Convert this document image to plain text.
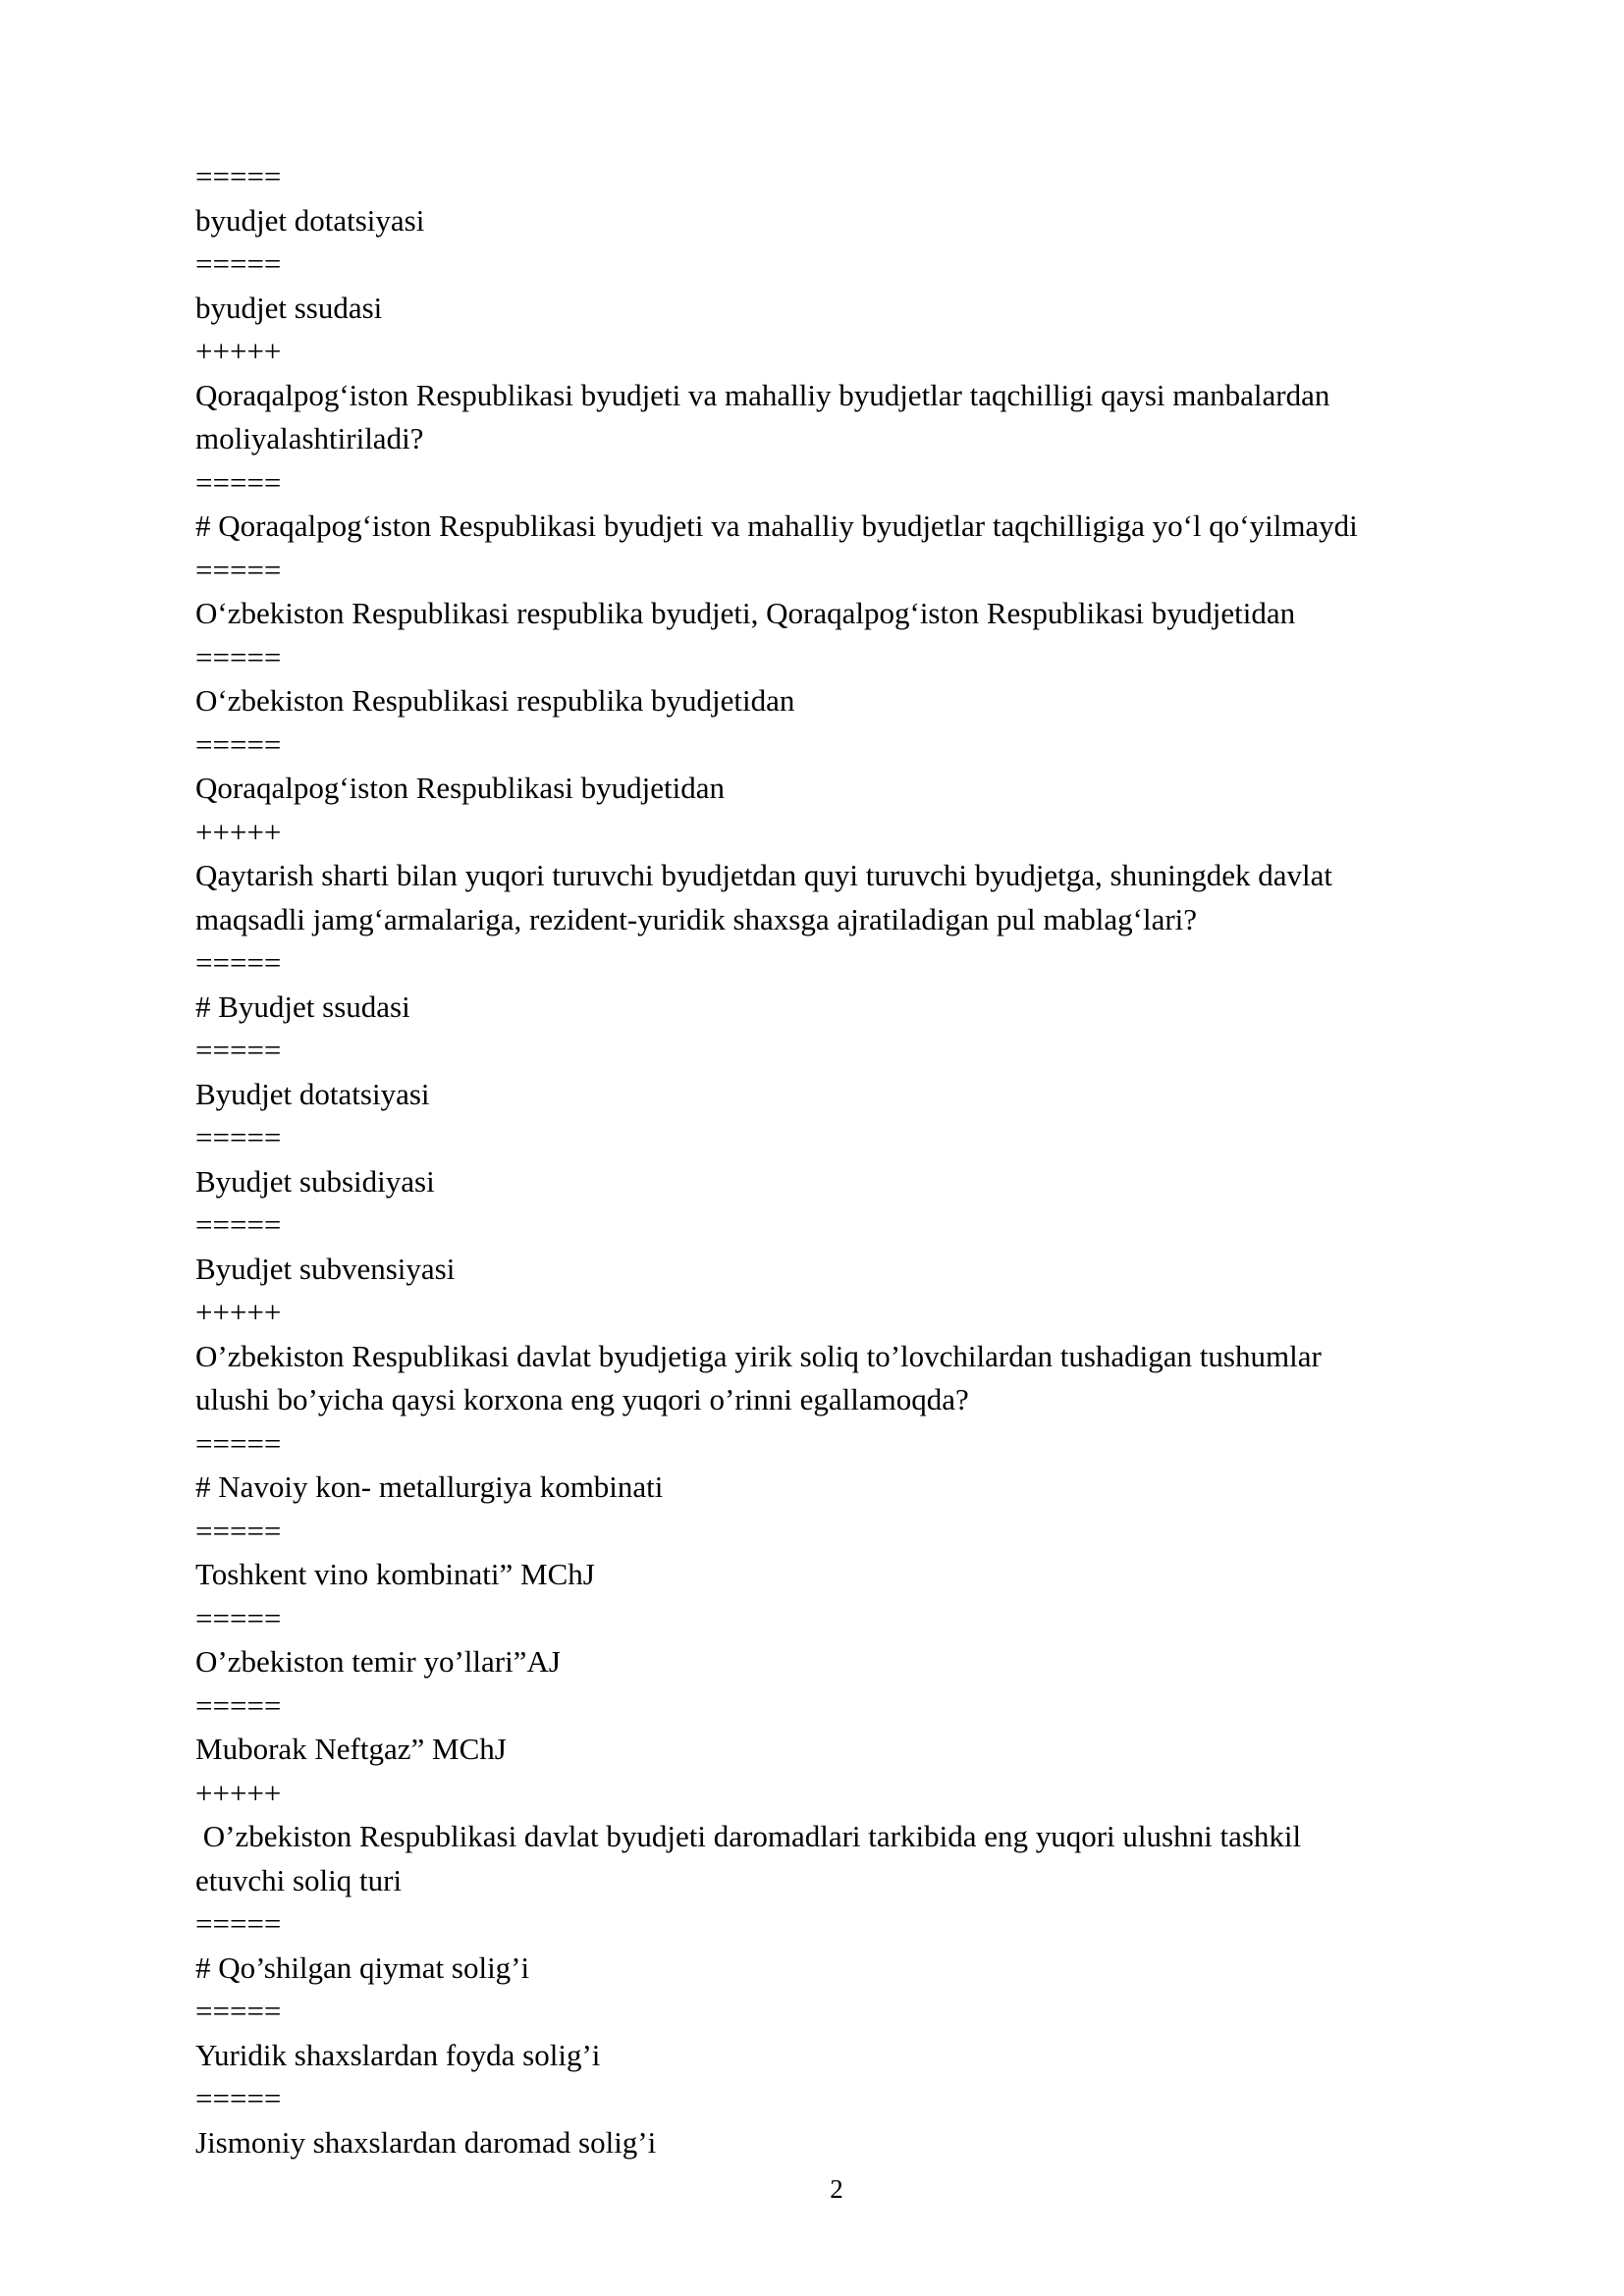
=====
byudjet dotatsiyasi
=====
byudjet ssudasi
+++++
Qoraqalpog‘iston Respublikasi byudjeti va mahalliy byudjetlar taqchilligi qaysi manbalardan
moliyalashtiriladi?
=====
# Qoraqalpog‘iston Respublikasi byudjeti va mahalliy byudjetlar taqchilligiga yo‘l qo‘yilmaydi
=====
O‘zbekiston Respublikasi respublika byudjeti, Qoraqalpog‘iston Respublikasi byudjetidan
=====
O‘zbekiston Respublikasi respublika byudjetidan
=====
Qoraqalpog‘iston Respublikasi byudjetidan
+++++
Qaytarish sharti bilan yuqori turuvchi byudjetdan quyi turuvchi byudjetga, shuningdek davlat
maqsadli jamg‘armalariga, rezident-yuridik shaxsga ajratiladigan pul mablag‘lari?
=====
# Byudjet ssudasi
=====
Byudjet dotatsiyasi
=====
Byudjet subsidiyasi
=====
Byudjet subvensiyasi
+++++
O’zbekiston Respublikasi davlat byudjetiga yirik soliq to’lovchilardan tushadigan tushumlar
ulushi bo’yicha qaysi korxona eng yuqori o’rinni egallamoqda?
=====
# Navoiy kon- metallurgiya kombinati
=====
Toshkent vino kombinati” MChJ
=====
O’zbekiston temir yo’llari”AJ
=====
Muborak Neftgaz” MChJ
+++++
O’zbekiston Respublikasi davlat byudjeti daromadlari tarkibida eng yuqori ulushni tashkil
etuvchi soliq turi
=====
# Qo’shilgan qiymat solig’i
=====
Yuridik shaxslardan foyda solig’i
=====
Jismoniy shaxslardan daromad solig’i
2
